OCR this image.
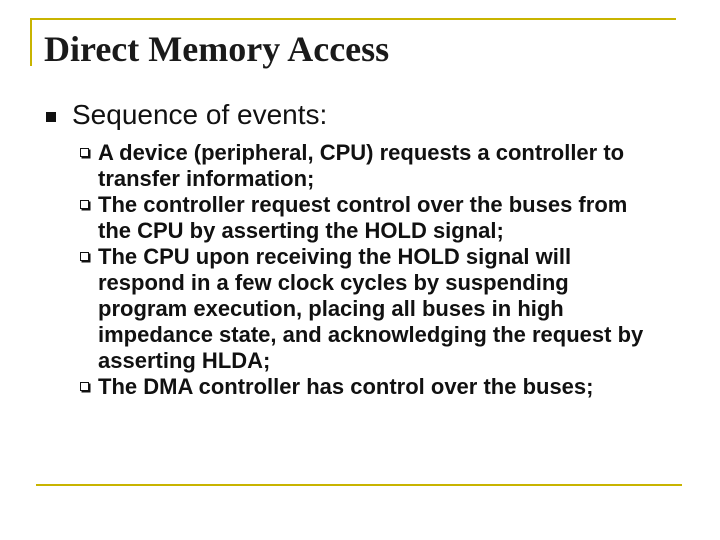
Direct Memory Access
Sequence of events:
A device (peripheral, CPU) requests a controller to transfer information;
The controller request control over the buses from the CPU by asserting the HOLD signal;
The CPU upon receiving the HOLD signal will respond in a few clock cycles by suspending program execution, placing all buses in high impedance state, and acknowledging the request by asserting HLDA;
The DMA controller has control over the buses;
